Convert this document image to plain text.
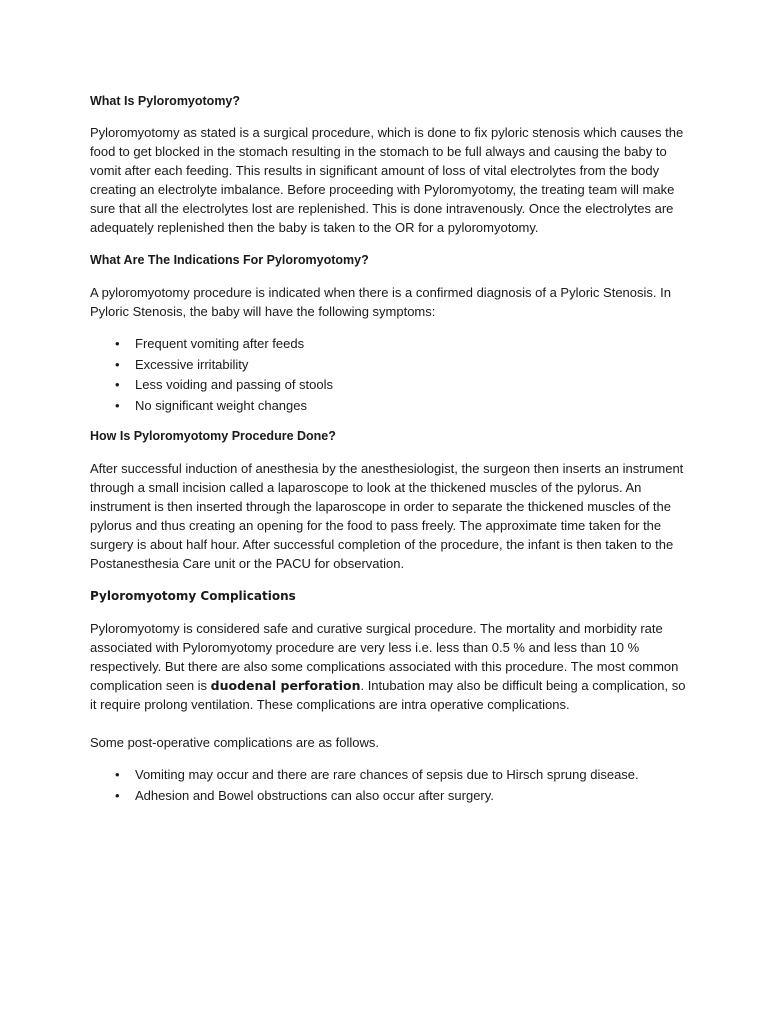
What Is Pyloromyotomy?

Pyloromyotomy as stated is a surgical procedure, which is done to fix pyloric stenosis which causes the food to get blocked in the stomach resulting in the stomach to be full always and causing the baby to vomit after each feeding. This results in significant amount of loss of vital electrolytes from the body creating an electrolyte imbalance. Before proceeding with Pyloromyotomy, the treating team will make sure that all the electrolytes lost are replenished. This is done intravenously. Once the electrolytes are adequately replenished then the baby is taken to the OR for a pyloromyotomy.

What Are The Indications For Pyloromyotomy?

A pyloromyotomy procedure is indicated when there is a confirmed diagnosis of a Pyloric Stenosis. In Pyloric Stenosis, the baby will have the following symptoms:

• Frequent vomiting after feeds
• Excessive irritability
• Less voiding and passing of stools
• No significant weight changes
How Is Pyloromyotomy Procedure Done?

After successful induction of anesthesia by the anesthesiologist, the surgeon then inserts an instrument through a small incision called a laparoscope to look at the thickened muscles of the pylorus. An instrument is then inserted through the laparoscope in order to separate the thickened muscles of the pylorus and thus creating an opening for the food to pass freely. The approximate time taken for the surgery is about half hour. After successful completion of the procedure, the infant is then taken to the Postanesthesia Care unit or the PACU for observation.

Pyloromyotomy Complications

Pyloromyotomy is considered safe and curative surgical procedure. The mortality and morbidity rate associated with Pyloromyotomy procedure are very less i.e. less than 0.5 % and less than 10 % respectively. But there are also some complications associated with this procedure. The most common complication seen is duodenal perforation. Intubation may also be difficult being a complication, so it require prolong ventilation. These complications are intra operative complications.

Some post-operative complications are as follows.

• Vomiting may occur and there are rare chances of sepsis due to Hirsch sprung disease.
• Adhesion and Bowel obstructions can also occur after surgery.
